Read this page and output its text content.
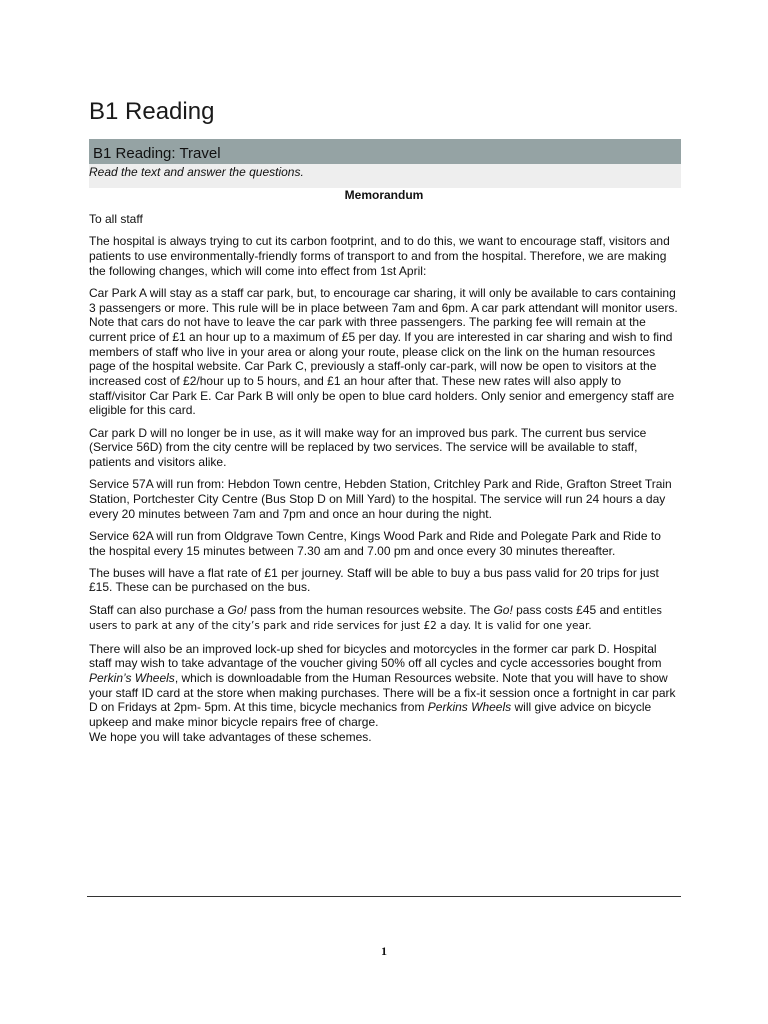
B1 Reading
B1 Reading: Travel
Read the text and answer the questions.
Memorandum

To all staff

The hospital is always trying to cut its carbon footprint, and to do this, we want to encourage staff, visitors and patients to use environmentally-friendly forms of transport to and from the hospital. Therefore, we are making the following changes, which will come into effect from 1st April:

Car Park A will stay as a staff car park, but, to encourage car sharing, it will only be available to cars containing 3 passengers or more. This rule will be in place between 7am and 6pm. A car park attendant will monitor users. Note that cars do not have to leave the car park with three passengers. The parking fee will remain at the current price of £1 an hour up to a maximum of £5 per day. If you are interested in car sharing and wish to find members of staff who live in your area or along your route, please click on the link on the human resources page of the hospital website. Car Park C, previously a staff-only car-park, will now be open to visitors at the increased cost of £2/hour up to 5 hours, and £1 an hour after that. These new rates will also apply to staff/visitor Car Park E. Car Park B will only be open to blue card holders. Only senior and emergency staff are eligible for this card.

Car park D will no longer be in use, as it will make way for an improved bus park. The current bus service (Service 56D) from the city centre will be replaced by two services. The service will be available to staff, patients and visitors alike.

Service 57A will run from: Hebdon Town centre, Hebden Station, Critchley Park and Ride, Grafton Street Train Station, Portchester City Centre (Bus Stop D on Mill Yard) to the hospital. The service will run 24 hours a day every 20 minutes between 7am and 7pm and once an hour during the night.

Service 62A will run from Oldgrave Town Centre, Kings Wood Park and Ride and Polegate Park and Ride to the hospital every 15 minutes between 7.30 am and 7.00 pm and once every 30 minutes thereafter.

The buses will have a flat rate of £1 per journey. Staff will be able to buy a bus pass valid for 20 trips for just £15. These can be purchased on the bus.

Staff can also purchase a Go! pass from the human resources website. The Go! pass costs £45 and entitles users to park at any of the city’s park and ride services for just £2 a day. It is valid for one year.

There will also be an improved lock-up shed for bicycles and motorcycles in the former car park D. Hospital staff may wish to take advantage of the voucher giving 50% off all cycles and cycle accessories bought from Perkin’s Wheels, which is downloadable from the Human Resources website. Note that you will have to show your staff ID card at the store when making purchases. There will be a fix-it session once a fortnight in car park D on Fridays at 2pm- 5pm. At this time, bicycle mechanics from Perkins Wheels will give advice on bicycle upkeep and make minor bicycle repairs free of charge.

We hope you will take advantages of these schemes.

1
